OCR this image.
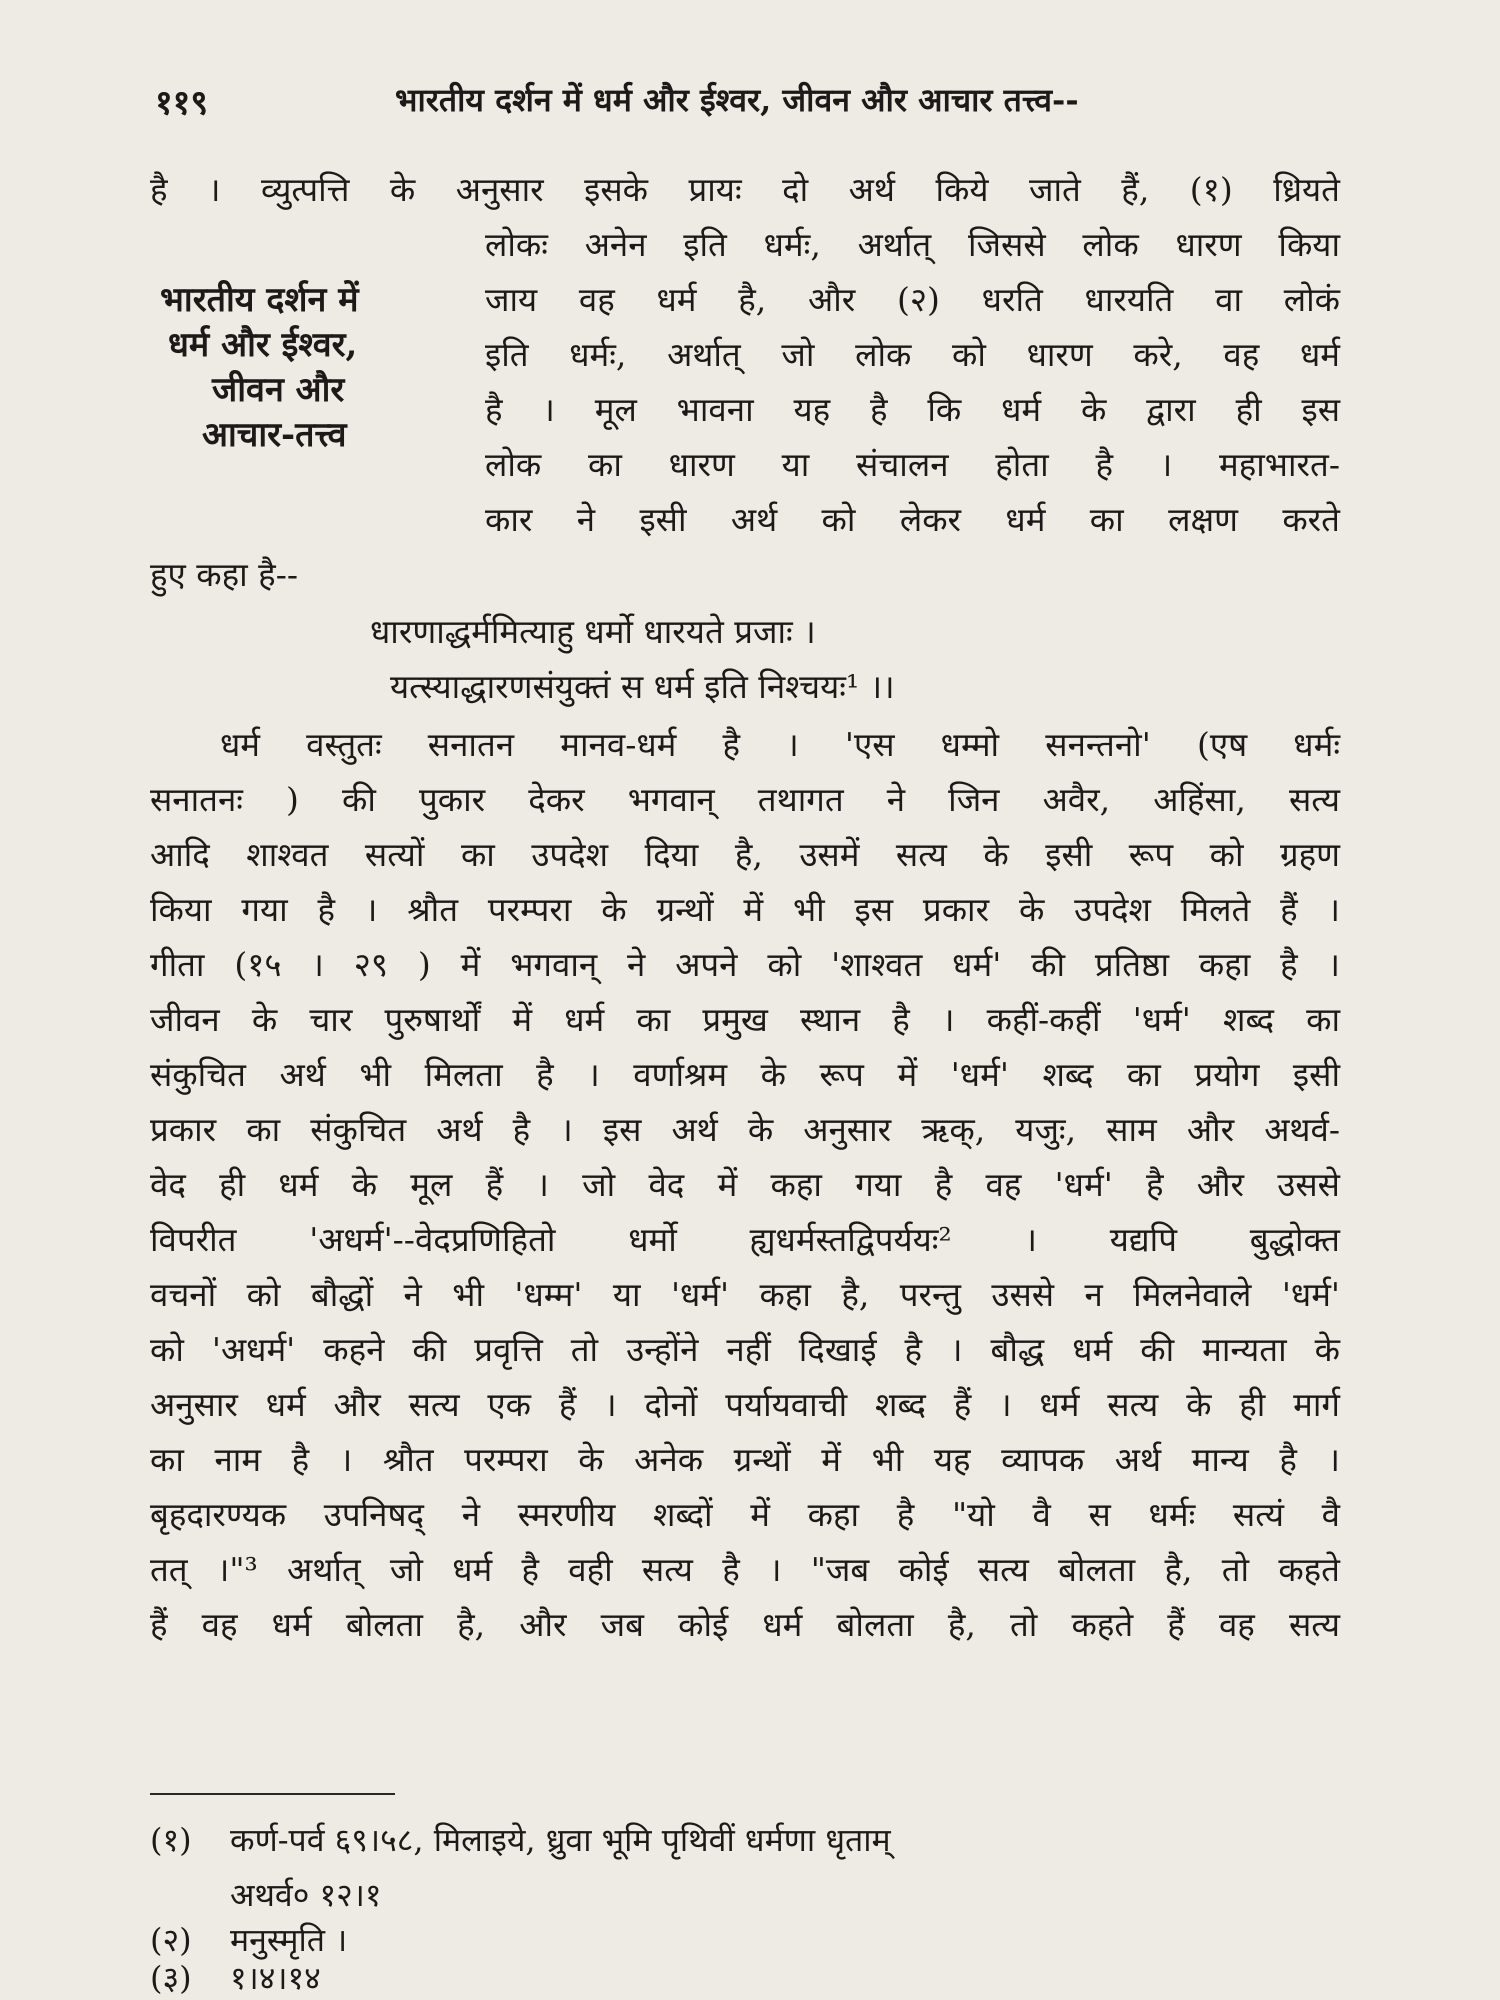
११९	भारतीय दर्शन में धर्म और ईश्वर, जीवन और आचार तत्त्व--
भारतीय दर्शन में
धर्म और ईश्वर,
जीवन और
आचार-तत्त्व
है । व्युत्पत्ति के अनुसार इसके प्रायः दो अर्थ किये जाते हैं, (१) ध्रियते
लोकः अनेन इति धर्मः, अर्थात् जिससे लोक धारण किया
जाय वह धर्म है, और (२) धरति धारयति वा लोकं
इति धर्मः, अर्थात् जो लोक को धारण करे, वह धर्म
है । मूल भावना यह है कि धर्म के द्वारा ही इस
लोक का धारण या संचालन होता है । महाभारत-
कार ने इसी अर्थ को लेकर धर्म का लक्षण करते
हुए कहा है--
धारणाद्धर्ममित्याहु धर्मो धारयते प्रजाः ।
यत्स्याद्धारणसंयुक्तं स धर्म इति निश्चयः¹ ।।
धर्म वस्तुतः सनातन मानव-धर्म है । 'एस धम्मो सनन्तनो' (एष धर्मः
सनातनः ) की पुकार देकर भगवान् तथागत ने जिन अवैर, अहिंसा, सत्य
आदि शाश्वत सत्यों का उपदेश दिया है, उसमें सत्य के इसी रूप को ग्रहण
किया गया है । श्रौत परम्परा के ग्रन्थों में भी इस प्रकार के उपदेश मिलते हैं ।
गीता (१५ । २९ ) में भगवान् ने अपने को 'शाश्वत धर्म' की प्रतिष्ठा कहा है ।
जीवन के चार पुरुषार्थों में धर्म का प्रमुख स्थान है । कहीं-कहीं 'धर्म' शब्द का
संकुचित अर्थ भी मिलता है । वर्णाश्रम के रूप में 'धर्म' शब्द का प्रयोग इसी
प्रकार का संकुचित अर्थ है । इस अर्थ के अनुसार ऋक्, यजुः, साम और अथर्व-
वेद ही धर्म के मूल हैं । जो वेद में कहा गया है वह 'धर्म' है और उससे
विपरीत 'अधर्म'--वेदप्रणिहितो धर्मो ह्यधर्मस्तद्विपर्ययः² । यद्यपि बुद्धोक्त
वचनों को बौद्धों ने भी 'धम्म' या 'धर्म' कहा है, परन्तु उससे न मिलनेवाले 'धर्म'
को 'अधर्म' कहने की प्रवृत्ति तो उन्होंने नहीं दिखाई है । बौद्ध धर्म की मान्यता के
अनुसार धर्म और सत्य एक हैं । दोनों पर्यायवाची शब्द हैं । धर्म सत्य के ही मार्ग
का नाम है । श्रौत परम्परा के अनेक ग्रन्थों में भी यह व्यापक अर्थ मान्य है ।
बृहदारण्यक उपनिषद् ने स्मरणीय शब्दों में कहा है "यो वै स धर्मः सत्यं वै
तत् ।"³ अर्थात् जो धर्म है वही सत्य है । "जब कोई सत्य बोलता है, तो कहते
हैं वह धर्म बोलता है, और जब कोई धर्म बोलता है, तो कहते हैं वह सत्य
(१) कर्ण-पर्व ६९।५८, मिलाइये, ध्रुवा भूमि पृथिवीं धर्मणा धृताम्
अथर्व० १२।१
(२) मनुस्मृति ।
(३) १।४।१४
